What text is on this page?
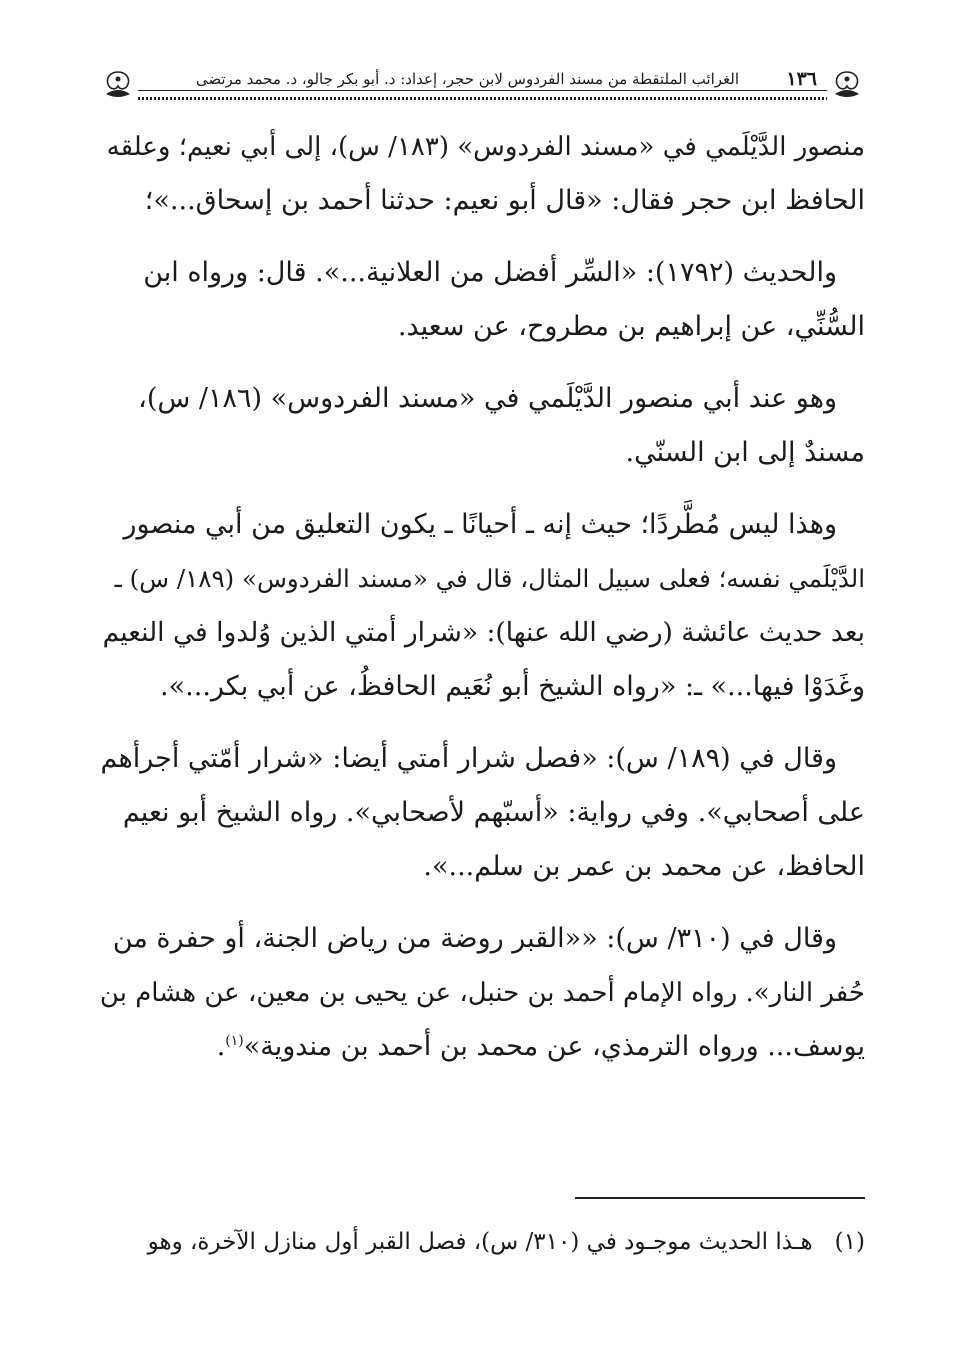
١٣٦
الغرائب الملتقطة من مسند الفردوس لابن حجر، إعداد: د. أبو بكر جالو، د. محمد مرتضى

منصور الدَّيْلَمي في «مسند الفردوس» (١٨٣/ س)، إلى أبي نعيم؛ وعلقه
الحافظ ابن حجر فقال: «قال أبو نعيم: حدثنا أحمد بن إسحاق...»؛

والحديث (١٧٩٢): «السِّر أفضل من العلانية...». قال: ورواه ابن
السُّنِّي، عن إبراهيم بن مطروح، عن سعيد.

وهو عند أبي منصور الدَّيْلَمي في «مسند الفردوس» (١٨٦/ س)،
مسندٌ إلى ابن السنّي.

وهذا ليس مُطَّردًا؛ حيث إنه ـ أحيانًا ـ يكون التعليق من أبي منصور
الدَّيْلَمي نفسه؛ فعلى سبيل المثال، قال في «مسند الفردوس» (١٨٩/ س) ـ
بعد حديث عائشة (رضي الله عنها): «شرار أمتي الذين وُلدوا في النعيم
وغَدَوْا فيها...» ـ: «رواه الشيخ أبو نُعَيم الحافظُ، عن أبي بكر...».

وقال في (١٨٩/ س): «فصل شرار أمتي أيضا: «شرار أمّتي أجرأهم
على أصحابي». وفي رواية: «أسبّهم لأصحابي». رواه الشيخ أبو نعيم
الحافظ، عن محمد بن عمر بن سلم...».

وقال في (٣١٠/ س): ««القبر روضة من رياض الجنة، أو حفرة من
حُفر النار». رواه الإمام أحمد بن حنبل، عن يحيى بن معين، عن هشام بن
يوسف... ورواه الترمذي، عن محمد بن أحمد بن مندوية»$^{(١)}$.

(١)هـذا الحديث موجـود في (٣١٠/ س)، فصل القبر أول منازل الآخرة، وهو
